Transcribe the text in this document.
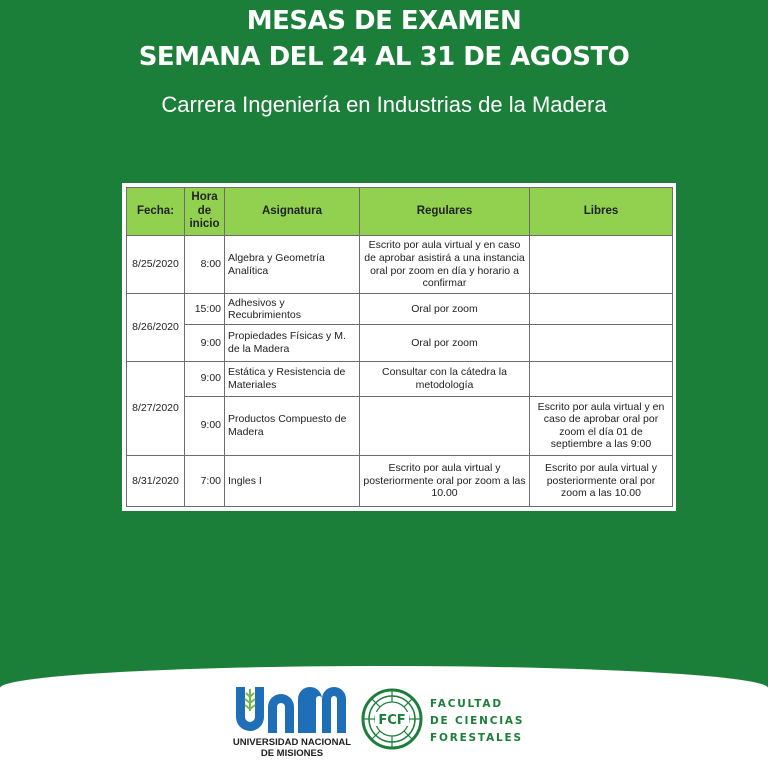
MESAS DE EXAMEN
SEMANA DEL 24 AL 31 DE AGOSTO
Carrera Ingeniería en Industrias de la Madera
Fecha:	Hora de inicio	Asignatura	Regulares	Libres
8/25/2020	8:00	Algebra y Geometría Analítica	Escrito por aula virtual y en caso de aprobar asistirá a una instancia oral por zoom en día y horario a confirmar	
8/26/2020	15:00	Adhesivos y Recubrimientos	Oral por zoom	
	9:00	Propiedades Físicas y M. de la Madera	Oral por zoom	
8/27/2020	9:00	Estática y Resistencia de Materiales	Consultar con la cátedra la metodología	
	9:00	Productos Compuesto de Madera		Escrito por aula virtual y en caso de aprobar oral por zoom el día 01 de septiembre a las 9:00
8/31/2020	7:00	Ingles I	Escrito por aula virtual y posteriormente oral por zoom a las 10.00	Escrito por aula virtual y posteriormente oral por zoom a las 10.00
UNIVERSIDAD NACIONAL
DE MISIONES
FCF
FACULTAD
DE CIENCIAS
FORESTALES
